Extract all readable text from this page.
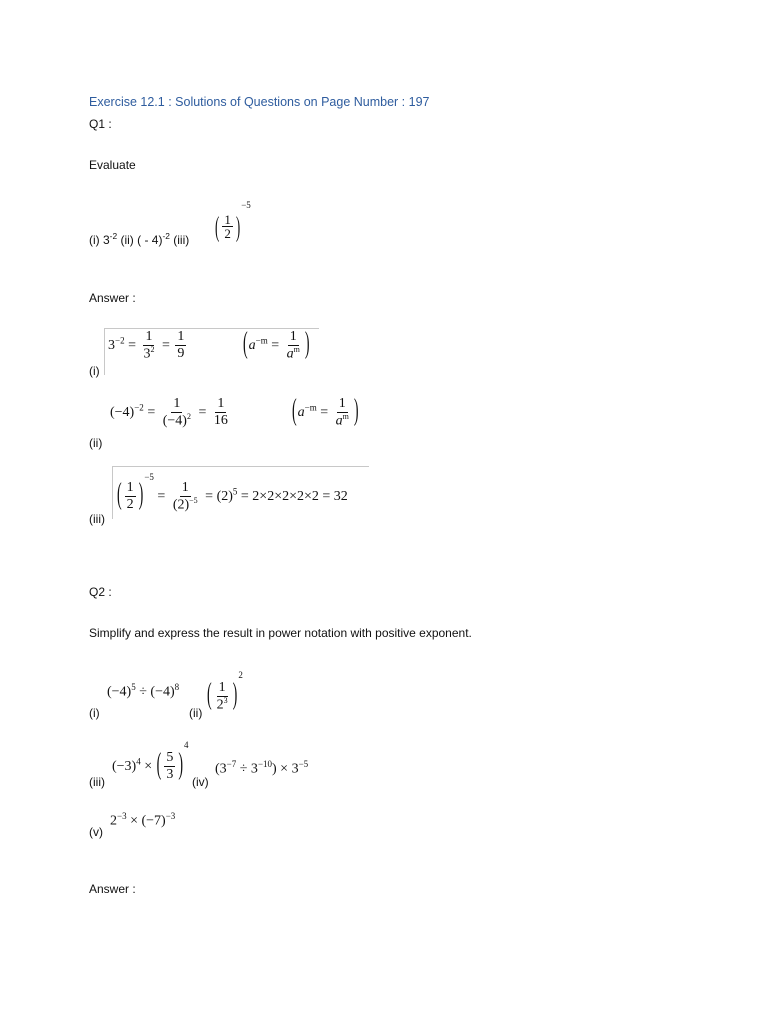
Exercise 12.1 : Solutions of Questions on Page Number : 197
Q1 :
Evaluate
(i) $3^{-2}$ (ii) ( - 4)$^{-2}$ (iii) ( $\frac{1}{2} )^{-5}$
Answer :
(i)
$3^{-2} = \frac{1}{3^2} = \frac{1}{9}$	($a^{-m} = \frac{1}{a^m}$ )
(ii)
$(-4)^{-2} = \frac{1}{(-4)^2} = \frac{1}{16}$	($a^{-m} = \frac{1}{a^m}$ )
(iii)
( $\frac{1}{2} )^{-5} = \frac{1}{(2)^{-5}} = (2)^5 = 2\times 2\times 2\times 2\times 2 = 32$
Q2 :
Simplify and express the result in power notation with positive exponent.
(i)
$(-4)^5 \div (-4)^8$
(ii)
( $\frac{1}{2^3} )^2$
(iii)
$(-3)^4$ × ( $\frac{5}{3} )^4$
(iv)
$(3^{-7} \div 3^{-10}) \times 3^{-5}$
(v)
$2^{-3} \times (-7)^{-3}$
Answer :
